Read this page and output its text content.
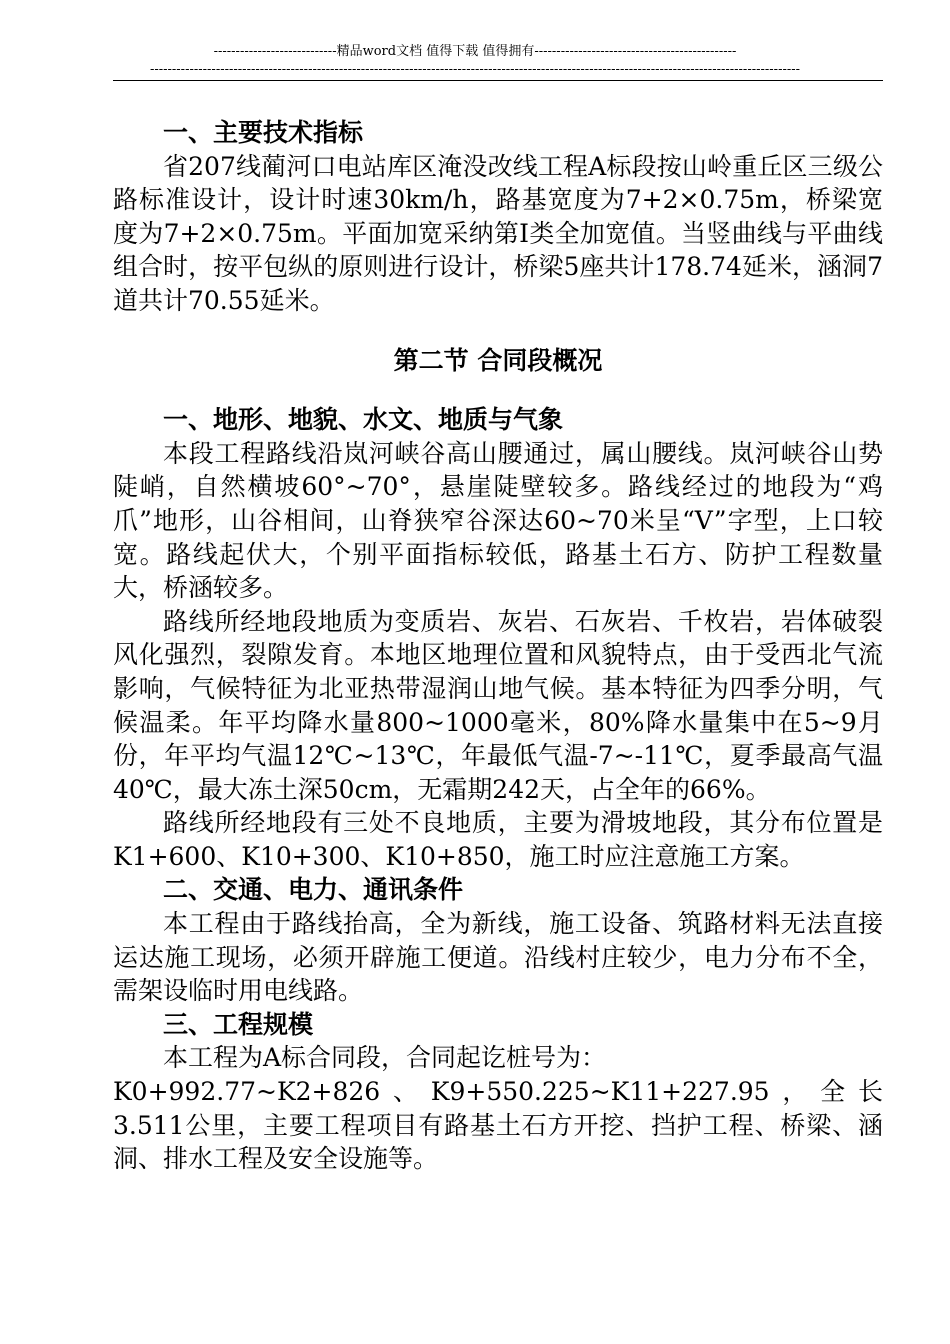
----------------------------精品word文档 值得下载 值得拥有----------------------------------------------
----------------------------------------------------------------------------------------------------------------------------------------------------

一、主要技术指标

省207线蔺河口电站库区淹没改线工程A标段按山岭重丘区三级公路标准设计，设计时速30km/h，路基宽度为7+2×0.75m，桥梁宽度为7+2×0.75m。平面加宽采纳第I类全加宽值。当竖曲线与平曲线组合时，按平包纵的原则进行设计，桥梁5座共计178.74延米，涵洞7道共计70.55延米。

第二节 合同段概况

一、地形、地貌、水文、地质与气象

本段工程路线沿岚河峡谷高山腰通过，属山腰线。岚河峡谷山势陡峭，自然横坡60°~70°，悬崖陡壁较多。路线经过的地段为“鸡爪”地形，山谷相间，山脊狭窄谷深达60~70米呈“V”字型，上口较宽。路线起伏大，个别平面指标较低，路基土石方、防护工程数量大，桥涵较多。

路线所经地段地质为变质岩、灰岩、石灰岩、千枚岩，岩体破裂风化强烈，裂隙发育。本地区地理位置和风貌特点，由于受西北气流影响，气候特征为北亚热带湿润山地气候。基本特征为四季分明，气候温柔。年平均降水量800~1000毫米，80%降水量集中在5~9月份，年平均气温12℃~13℃，年最低气温-7~-11℃，夏季最高气温40℃，最大冻土深50cm，无霜期242天，占全年的66%。

路线所经地段有三处不良地质，主要为滑坡地段，其分布位置是K1+600、K10+300、K10+850，施工时应注意施工方案。

二、交通、电力、通讯条件

本工程由于路线抬高，全为新线，施工设备、筑路材料无法直接运达施工现场，必须开辟施工便道。沿线村庄较少，电力分布不全，需架设临时用电线路。

三、工程规模

本工程为A标合同段，合同起讫桩号为：

K0+992.77~K2+826、K9+550.225~K11+227.95，全长3.511公里，主要工程项目有路基土石方开挖、挡护工程、桥梁、涵洞、排水工程及安全设施等。
